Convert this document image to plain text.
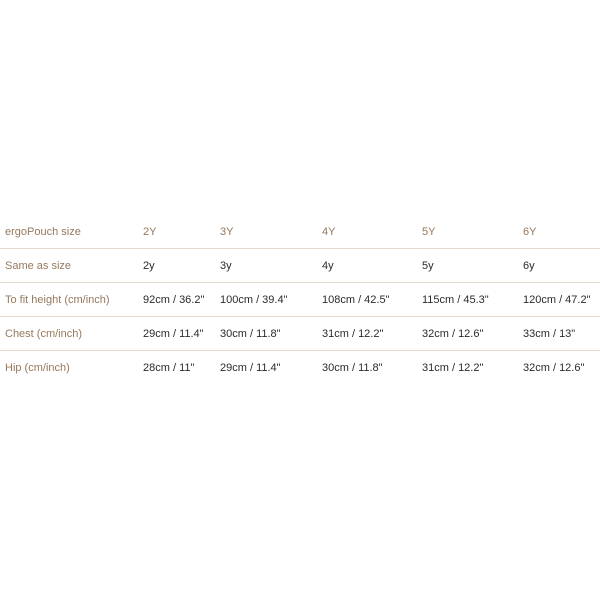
ergoPouch size	2Y	3Y	4Y	5Y	6Y
Same as size	2y	3y	4y	5y	6y
To fit height (cm/inch)	92cm / 36.2"	100cm / 39.4"	108cm / 42.5"	115cm / 45.3"	120cm / 47.2"
Chest (cm/inch)	29cm / 11.4"	30cm / 11.8"	31cm / 12.2"	32cm / 12.6"	33cm / 13"
Hip (cm/inch)	28cm / 11"	29cm / 11.4"	30cm / 11.8"	31cm / 12.2"	32cm / 12.6"
